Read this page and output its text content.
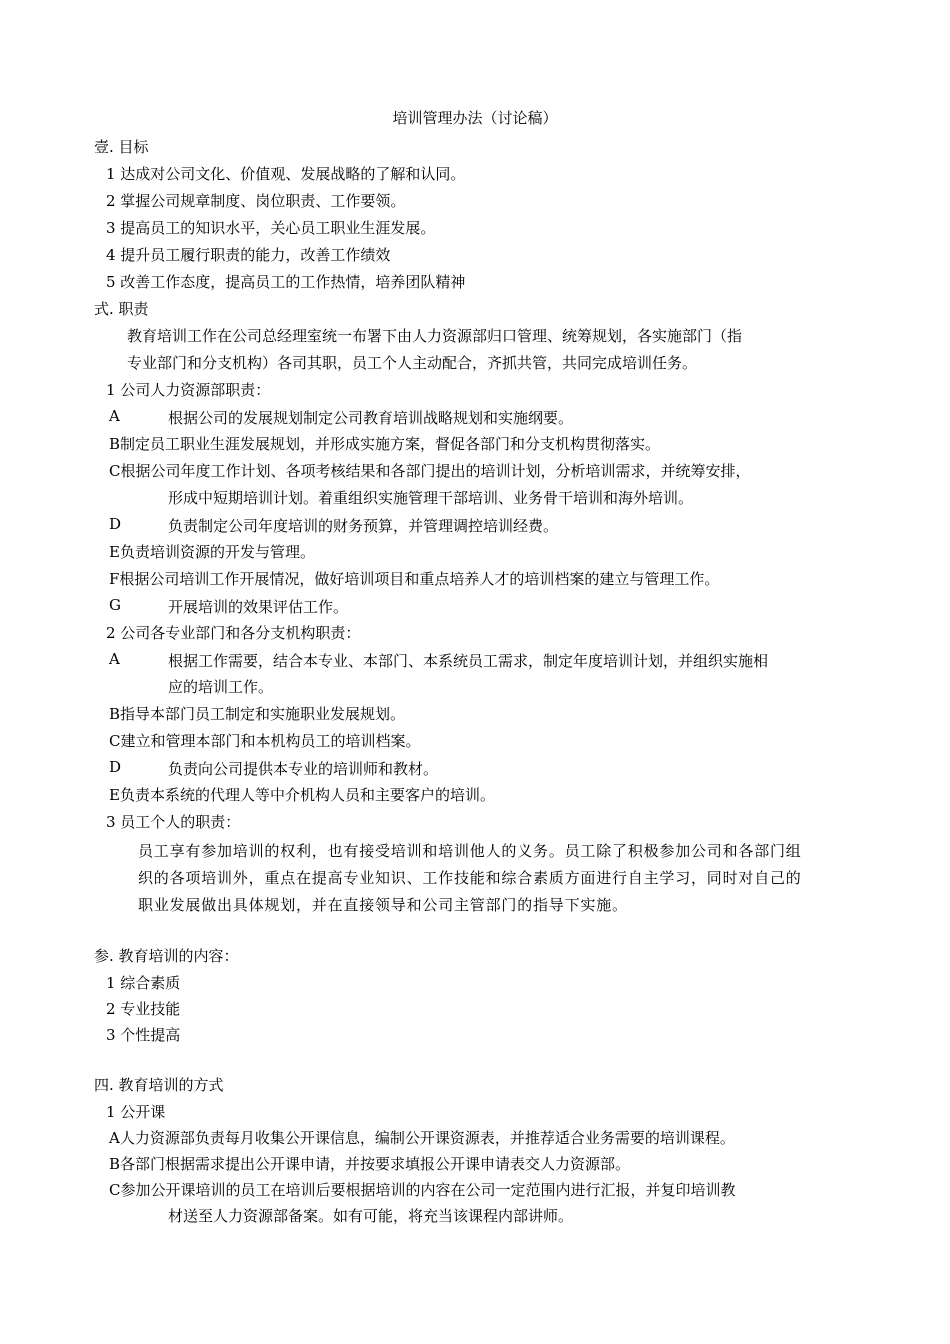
培训管理办法（讨论稿）
壹. 目标
1 达成对公司文化、价值观、发展战略的了解和认同。
2 掌握公司规章制度、岗位职责、工作要领。
3 提高员工的知识水平，关心员工职业生涯发展。
4 提升员工履行职责的能力，改善工作绩效
5 改善工作态度，提高员工的工作热情，培养团队精神
式. 职责
教育培训工作在公司总经理室统一布署下由人力资源部归口管理、统筹规划，各实施部门（指
专业部门和分支机构）各司其职，员工个人主动配合，齐抓共管，共同完成培训任务。
1 公司人力资源部职责：
A	根据公司的发展规划制定公司教育培训战略规划和实施纲要。
B制定员工职业生涯发展规划，并形成实施方案，督促各部门和分支机构贯彻落实。
C根据公司年度工作计划、各项考核结果和各部门提出的培训计划，分析培训需求，并统筹安排，
形成中短期培训计划。着重组织实施管理干部培训、业务骨干培训和海外培训。
D	负责制定公司年度培训的财务预算，并管理调控培训经费。
E负责培训资源的开发与管理。
F根据公司培训工作开展情况，做好培训项目和重点培养人才的培训档案的建立与管理工作。
G	开展培训的效果评估工作。
2 公司各专业部门和各分支机构职责：
A	根据工作需要，结合本专业、本部门、本系统员工需求，制定年度培训计划，并组织实施相
应的培训工作。
B指导本部门员工制定和实施职业发展规划。
C建立和管理本部门和本机构员工的培训档案。
D	负责向公司提供本专业的培训师和教材。
E负责本系统的代理人等中介机构人员和主要客户的培训。
3 员工个人的职责：
员工享有参加培训的权利，也有接受培训和培训他人的义务。员工除了积极参加公司和各部门组
织的各项培训外，重点在提高专业知识、工作技能和综合素质方面进行自主学习，同时对自己的
职业发展做出具体规划，并在直接领导和公司主管部门的指导下实施。
参. 教育培训的内容：
1 综合素质
2 专业技能
3 个性提高
四. 教育培训的方式
1 公开课
A人力资源部负责每月收集公开课信息，编制公开课资源表，并推荐适合业务需要的培训课程。
B各部门根据需求提出公开课申请，并按要求填报公开课申请表交人力资源部。
C参加公开课培训的员工在培训后要根据培训的内容在公司一定范围内进行汇报，并复印培训教
材送至人力资源部备案。如有可能，将充当该课程内部讲师。
